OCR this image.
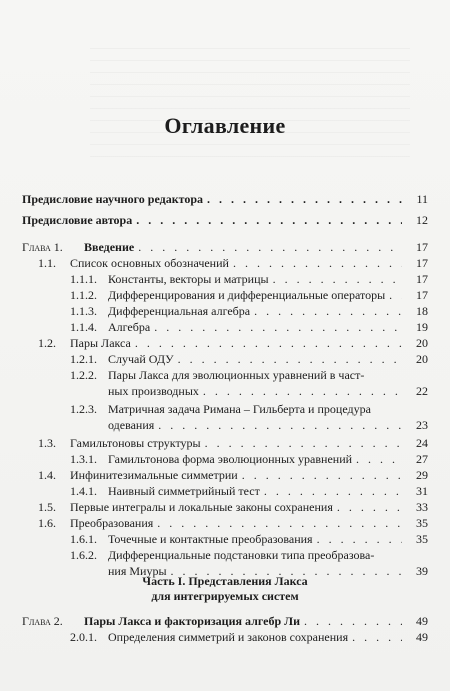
Оглавление
Предисловие научного редактора . . .	11
Предисловие автора . . .	12
Глава 1.	Введение . . .	17
1.1.	Список основных обозначений . . .	17
1.1.1. Константы, векторы и матрицы . . .	17
1.1.2. Дифференцирования и дифференциальные операторы . . .	17
1.1.3. Дифференциальная алгебра . . .	18
1.1.4. Алгебра . . .	19
1.2.	Пары Лакса . . .	20
1.2.1. Случай ОДУ . . .	20
1.2.2. Пары Лакса для эволюционных уравнений в част-
ных производных . . .	22
1.2.3. Матричная задача Римана – Гильберта и процедура
одевания . . .	23
1.3.	Гамильтоновы структуры . . .	24
1.3.1. Гамильтонова форма эволюционных уравнений . . .	27
1.4.	Инфинитезимальные симметрии . . .	29
1.4.1. Наивный симметрийный тест . . .	31
1.5.	Первые интегралы и локальные законы сохранения . . .	33
1.6.	Преобразования . . .	35
1.6.1. Точечные и контактные преобразования . . .	35
1.6.2. Дифференциальные подстановки типа преобразова-
ния Миуры . . .	39
Часть I. Представления Лакса
для интегрируемых систем
Глава 2.	Пары Лакса и факторизация алгебр Ли . . .	49
2.0.1. Определения симметрий и законов сохранения . . .	49
